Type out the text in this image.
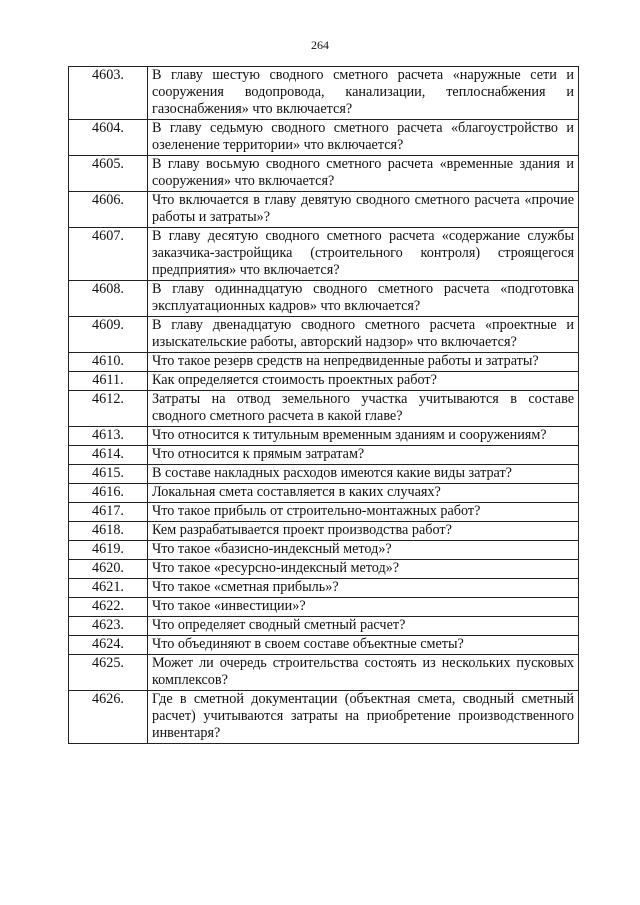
264
4603.	В главу шестую сводного сметного расчета «наружные сети и сооружения водопровода, канализации, теплоснабжения и газоснабжения» что включается?
4604.	В главу седьмую сводного сметного расчета «благоустройство и озеленение территории» что включается?
4605.	В главу восьмую сводного сметного расчета «временные здания и сооружения» что включается?
4606.	Что включается в главу девятую сводного сметного расчета «прочие работы и затраты»?
4607.	В главу десятую сводного сметного расчета «содержание службы заказчика-застройщика (строительного контроля) строящегося предприятия» что включается?
4608.	В главу одиннадцатую сводного сметного расчета «подготовка эксплуатационных кадров» что включается?
4609.	В главу двенадцатую сводного сметного расчета «проектные и изыскательские работы, авторский надзор» что включается?
4610.	Что такое резерв средств на непредвиденные работы и затраты?
4611.	Как определяется стоимость проектных работ?
4612.	Затраты на отвод земельного участка учитываются в составе сводного сметного расчета в какой главе?
4613.	Что относится к титульным временным зданиям и сооружениям?
4614.	Что относится к прямым затратам?
4615.	В составе накладных расходов имеются какие виды затрат?
4616.	Локальная смета составляется в каких случаях?
4617.	Что такое прибыль от строительно-монтажных работ?
4618.	Кем разрабатывается проект производства работ?
4619.	Что такое «базисно-индексный метод»?
4620.	Что такое «ресурсно-индексный метод»?
4621.	Что такое «сметная прибыль»?
4622.	Что такое «инвестиции»?
4623.	Что определяет сводный сметный расчет?
4624.	Что объединяют в своем составе объектные сметы?
4625.	Может ли очередь строительства состоять из нескольких пусковых комплексов?
4626.	Где в сметной документации (объектная смета, сводный сметный расчет) учитываются затраты на приобретение производственного инвентаря?
